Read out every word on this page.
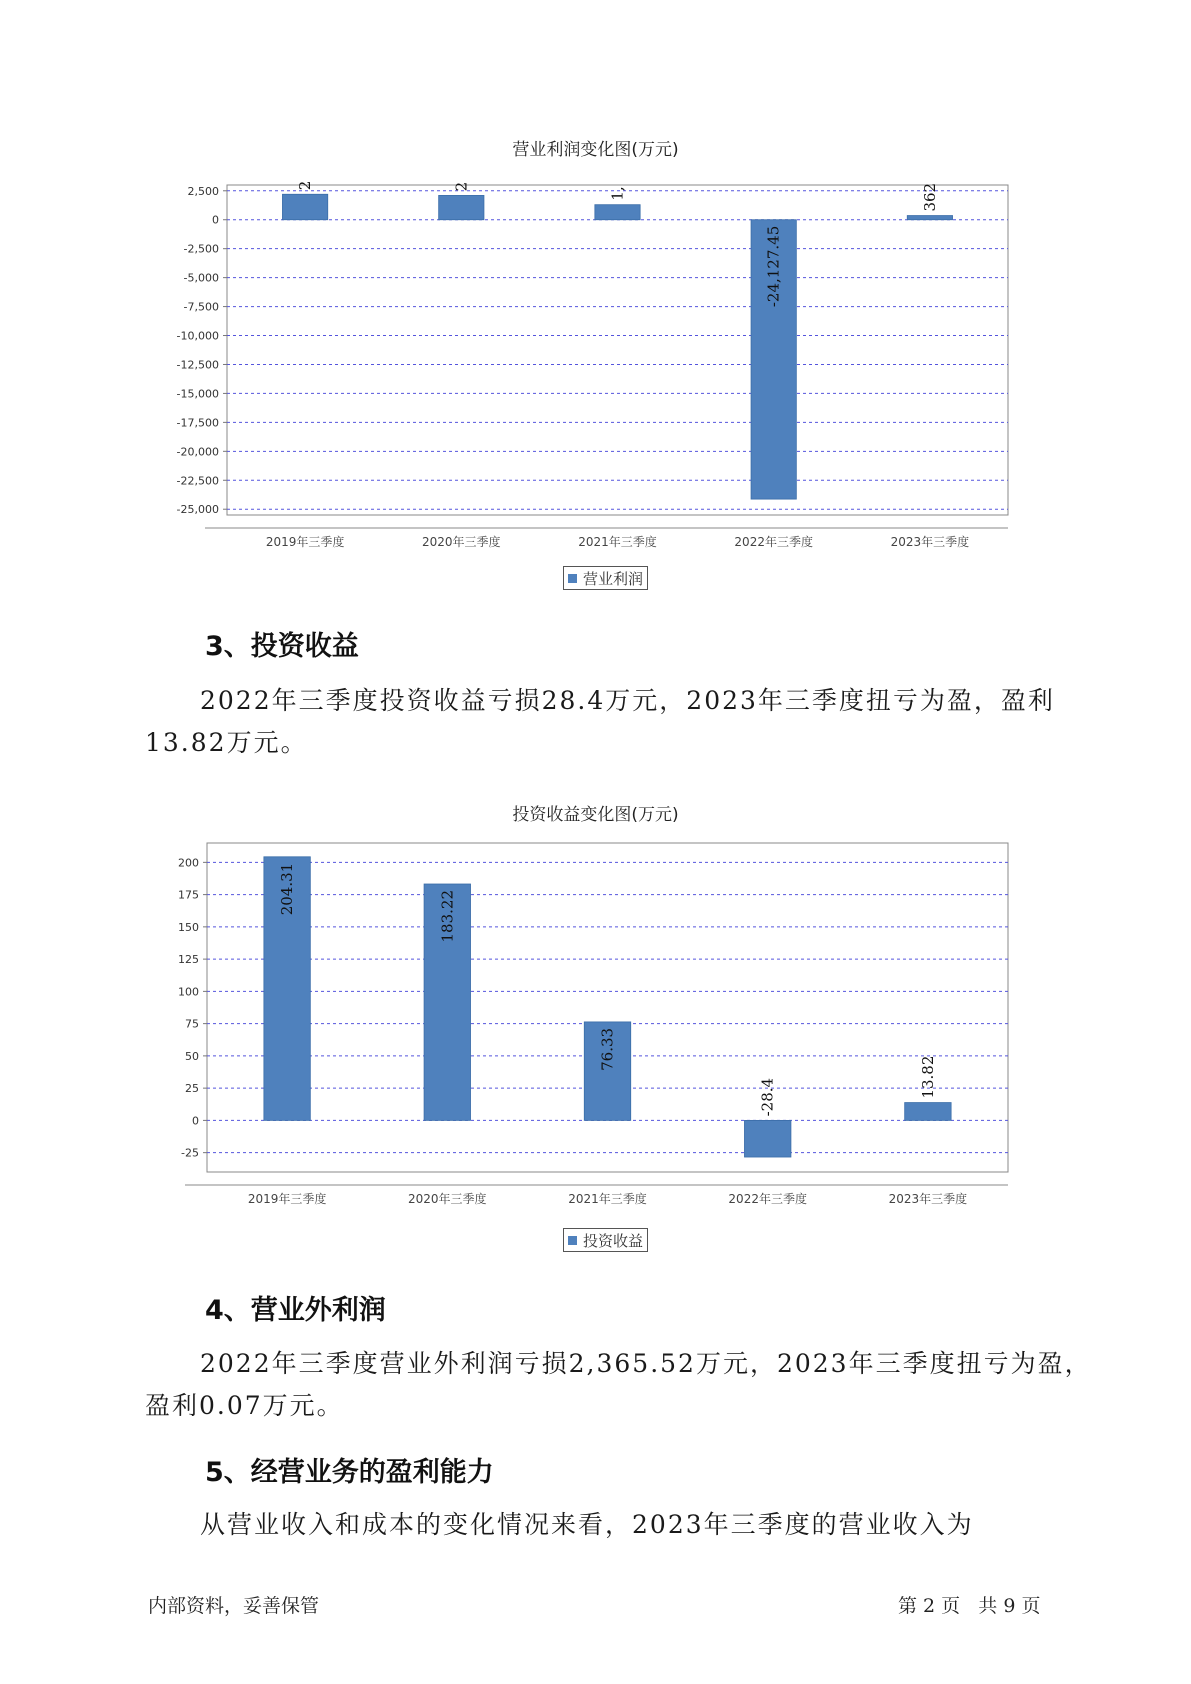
营业利润变化图(万元)
2,500
0
-2,500
-5,000
-7,500
-10,000
-12,500
-15,000
-17,500
-20,000
-22,500
-25,000
2019年三季度
2
2020年三季度
2
2021年三季度
1,
2022年三季度
-24,127.45
2023年三季度
362
营业利润
3、投资收益
2022年三季度投资收益亏损28.4万元，2023年三季度扭亏为盈，盈利
13.82万元。
投资收益变化图(万元)
200
175
150
125
100
75
50
25
0
-25
2019年三季度
204.31
2020年三季度
183.22
2021年三季度
76.33
2022年三季度
-28.4
2023年三季度
13.82
投资收益
4、营业外利润
2022年三季度营业外利润亏损2,365.52万元，2023年三季度扭亏为盈，
盈利0.07万元。
5、经营业务的盈利能力
从营业收入和成本的变化情况来看，2023年三季度的营业收入为
内部资料，妥善保管	第 2 页   共 9 页
